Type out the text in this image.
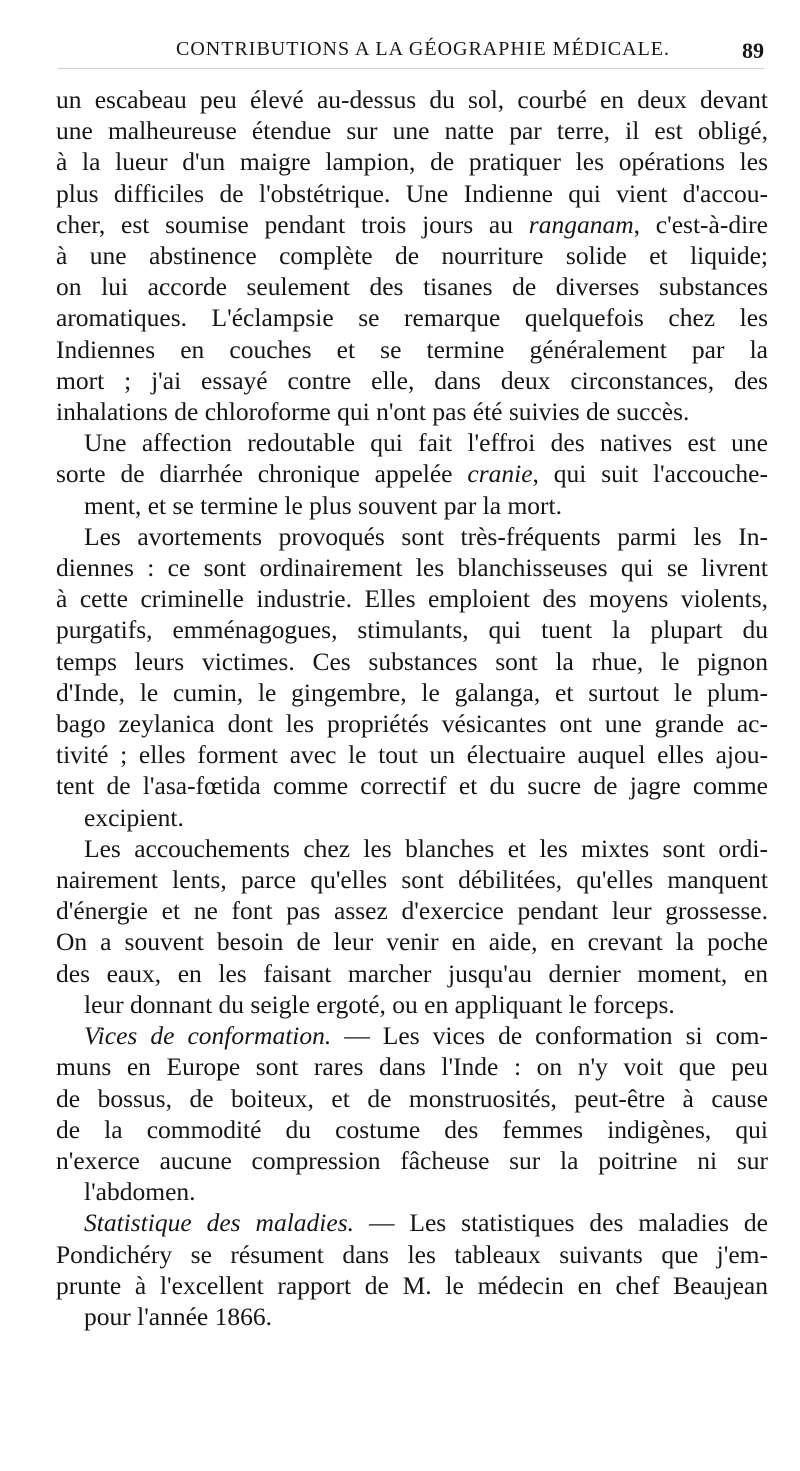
CONTRIBUTIONS A LA GÉOGRAPHIE MÉDICALE.	89

un escabeau peu élevé au-dessus du sol, courbé en deux devant
une malheureuse étendue sur une natte par terre, il est obligé,
à la lueur d'un maigre lampion, de pratiquer les opérations les
plus difficiles de l'obstétrique. Une Indienne qui vient d'accou-
cher, est soumise pendant trois jours au ranganam, c'est-à-dire
à une abstinence complète de nourriture solide et liquide;
on lui accorde seulement des tisanes de diverses substances
aromatiques. L'éclampsie se remarque quelquefois chez les
Indiennes en couches et se termine généralement par la
mort ; j'ai essayé contre elle, dans deux circonstances, des
inhalations de chloroforme qui n'ont pas été suivies de succès.

Une affection redoutable qui fait l'effroi des natives est une
sorte de diarrhée chronique appelée cranie, qui suit l'accouche-
ment, et se termine le plus souvent par la mort.

Les avortements provoqués sont très-fréquents parmi les In-
diennes : ce sont ordinairement les blanchisseuses qui se livrent
à cette criminelle industrie. Elles emploient des moyens violents,
purgatifs, emménagogues, stimulants, qui tuent la plupart du
temps leurs victimes. Ces substances sont la rhue, le pignon
d'Inde, le cumin, le gingembre, le galanga, et surtout le plum-
bago zeylanica dont les propriétés vésicantes ont une grande ac-
tivité ; elles forment avec le tout un électuaire auquel elles ajou-
tent de l'asa-fœtida comme correctif et du sucre de jagre comme
excipient.

Les accouchements chez les blanches et les mixtes sont ordi-
nairement lents, parce qu'elles sont débilitées, qu'elles manquent
d'énergie et ne font pas assez d'exercice pendant leur grossesse.
On a souvent besoin de leur venir en aide, en crevant la poche
des eaux, en les faisant marcher jusqu'au dernier moment, en
leur donnant du seigle ergoté, ou en appliquant le forceps.

Vices de conformation. — Les vices de conformation si com-
muns en Europe sont rares dans l'Inde : on n'y voit que peu
de bossus, de boiteux, et de monstruosités, peut-être à cause
de la commodité du costume des femmes indigènes, qui
n'exerce aucune compression fâcheuse sur la poitrine ni sur
l'abdomen.

Statistique des maladies. — Les statistiques des maladies de
Pondichéry se résument dans les tableaux suivants que j'em-
prunte à l'excellent rapport de M. le médecin en chef Beaujean
pour l'année 1866.
